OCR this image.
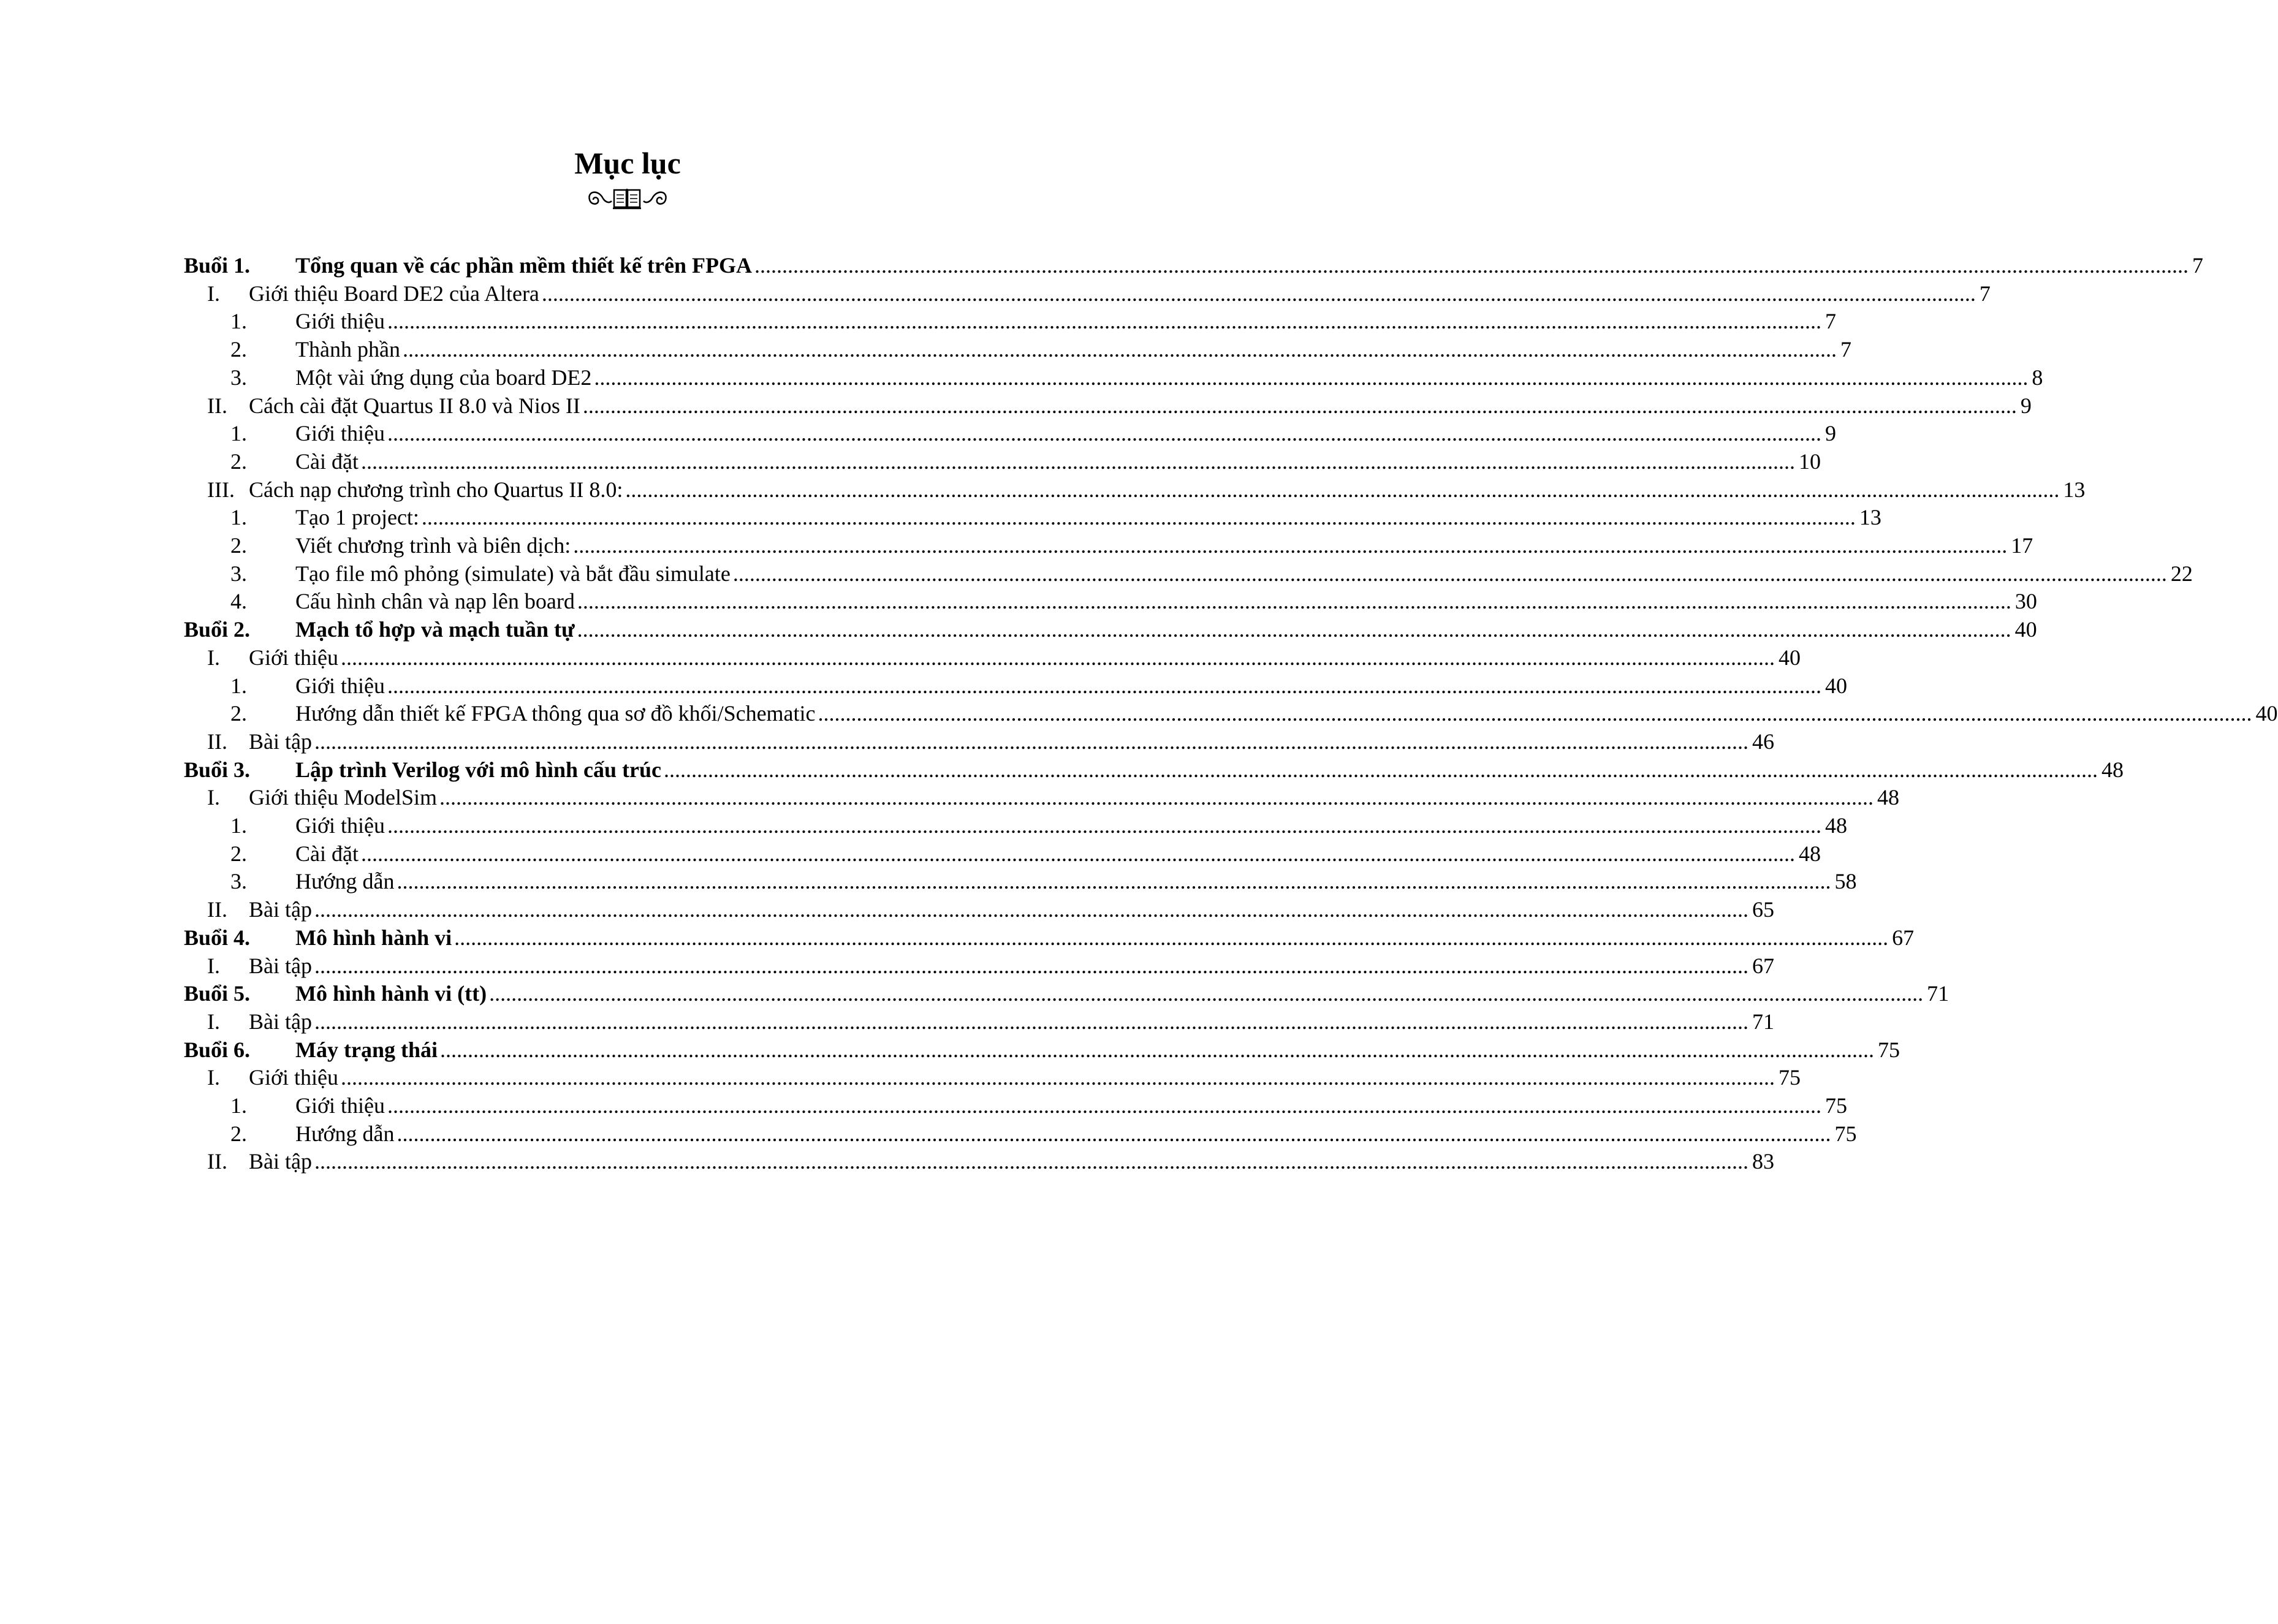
Mục lục
Buổi 1. Tổng quan về các phần mềm thiết kế trên FPGA .................................................................................................................................................................................................................................................................... 7
I. Giới thiệu Board DE2 của Altera .................................................................................................................................................................................................................................................................... 7
1. Giới thiệu .................................................................................................................................................................................................................................................................... 7
2. Thành phần .................................................................................................................................................................................................................................................................... 7
3. Một vài ứng dụng của board DE2 .................................................................................................................................................................................................................................................................... 8
II. Cách cài đặt Quartus II 8.0 và Nios II .................................................................................................................................................................................................................................................................... 9
1. Giới thiệu .................................................................................................................................................................................................................................................................... 9
2. Cài đặt .................................................................................................................................................................................................................................................................... 10
III. Cách nạp chương trình cho Quartus II 8.0: .................................................................................................................................................................................................................................................................... 13
1. Tạo 1 project: .................................................................................................................................................................................................................................................................... 13
2. Viết chương trình và biên dịch: .................................................................................................................................................................................................................................................................... 17
3. Tạo file mô phỏng (simulate) và bắt đầu simulate .................................................................................................................................................................................................................................................................... 22
4. Cấu hình chân và nạp lên board .................................................................................................................................................................................................................................................................... 30
Buổi 2. Mạch tổ hợp và mạch tuần tự .................................................................................................................................................................................................................................................................... 40
I. Giới thiệu .................................................................................................................................................................................................................................................................... 40
1. Giới thiệu .................................................................................................................................................................................................................................................................... 40
2. Hướng dẫn thiết kế FPGA thông qua sơ đồ khối/Schematic .................................................................................................................................................................................................................................................................... 40
II. Bài tập .................................................................................................................................................................................................................................................................... 46
Buổi 3. Lập trình Verilog với mô hình cấu trúc .................................................................................................................................................................................................................................................................... 48
I. Giới thiệu ModelSim .................................................................................................................................................................................................................................................................... 48
1. Giới thiệu .................................................................................................................................................................................................................................................................... 48
2. Cài đặt .................................................................................................................................................................................................................................................................... 48
3. Hướng dẫn .................................................................................................................................................................................................................................................................... 58
II. Bài tập .................................................................................................................................................................................................................................................................... 65
Buổi 4. Mô hình hành vi .................................................................................................................................................................................................................................................................... 67
I. Bài tập .................................................................................................................................................................................................................................................................... 67
Buổi 5. Mô hình hành vi (tt) .................................................................................................................................................................................................................................................................... 71
I. Bài tập .................................................................................................................................................................................................................................................................... 71
Buổi 6. Máy trạng thái .................................................................................................................................................................................................................................................................... 75
I. Giới thiệu .................................................................................................................................................................................................................................................................... 75
1. Giới thiệu .................................................................................................................................................................................................................................................................... 75
2. Hướng dẫn .................................................................................................................................................................................................................................................................... 75
II. Bài tập .................................................................................................................................................................................................................................................................... 83
